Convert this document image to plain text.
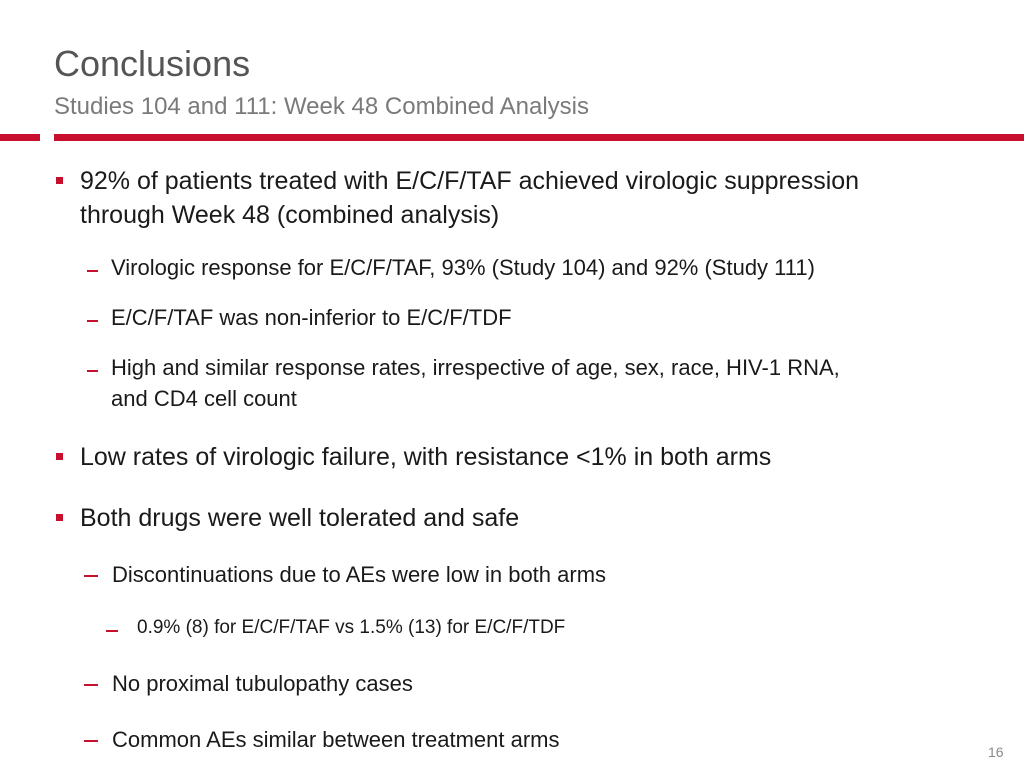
Conclusions
Studies 104 and 111: Week 48 Combined Analysis
92% of patients treated with E/C/F/TAF achieved virologic suppression
through Week 48 (combined analysis)
Virologic response for E/C/F/TAF, 93% (Study 104) and 92% (Study 111)
E/C/F/TAF was non-inferior to E/C/F/TDF
High and similar response rates, irrespective of age, sex, race, HIV-1 RNA,
and CD4 cell count
Low rates of virologic failure, with resistance <1% in both arms
Both drugs were well tolerated and safe
Discontinuations due to AEs were low in both arms
0.9% (8) for E/C/F/TAF vs 1.5% (13) for E/C/F/TDF
No proximal tubulopathy cases
Common AEs similar between treatment arms	16
